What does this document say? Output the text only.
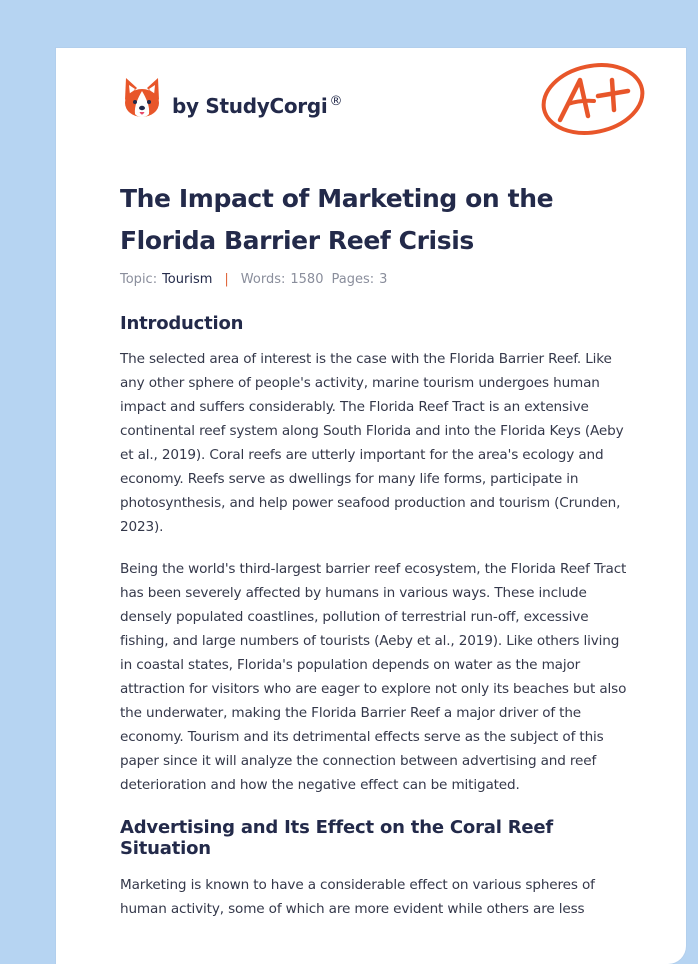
by StudyCorgi ®
The Impact of Marketing on the Florida Barrier Reef Crisis
Topic: Tourism | Words: 1580 Pages: 3
Introduction

The selected area of interest is the case with the Florida Barrier Reef. Like any other sphere of people's activity, marine tourism undergoes human impact and suffers considerably. The Florida Reef Tract is an extensive continental reef system along South Florida and into the Florida Keys (Aeby et al., 2019). Coral reefs are utterly important for the area's ecology and economy. Reefs serve as dwellings for many life forms, participate in photosynthesis, and help power seafood production and tourism (Crunden, 2023).

Being the world's third-largest barrier reef ecosystem, the Florida Reef Tract has been severely affected by humans in various ways. These include densely populated coastlines, pollution of terrestrial run-off, excessive fishing, and large numbers of tourists (Aeby et al., 2019). Like others living in coastal states, Florida's population depends on water as the major attraction for visitors who are eager to explore not only its beaches but also the underwater, making the Florida Barrier Reef a major driver of the economy. Tourism and its detrimental effects serve as the subject of this paper since it will analyze the connection between advertising and reef deterioration and how the negative effect can be mitigated.

Advertising and Its Effect on the Coral Reef Situation

Marketing is known to have a considerable effect on various spheres of human activity, some of which are more evident while others are less
